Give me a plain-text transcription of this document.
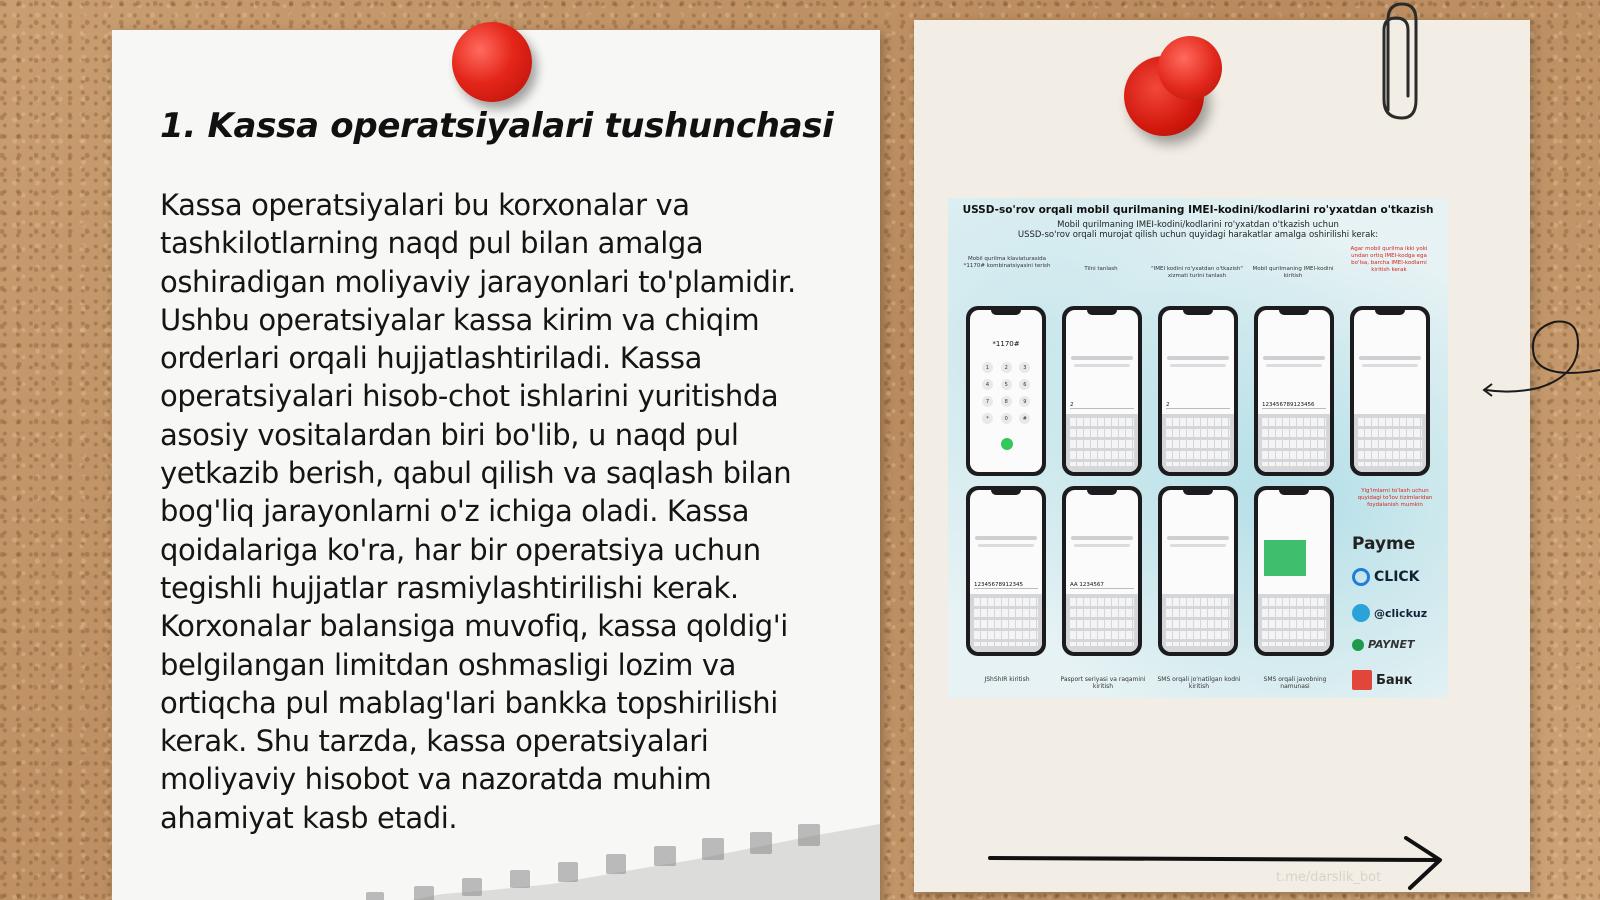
1. Kassa operatsiyalari tushunchasi

Kassa operatsiyalari bu korxonalar va tashkilotlarning naqd pul bilan amalga oshiradigan moliyaviy jarayonlari to'plamidir. Ushbu operatsiyalar kassa kirim va chiqim orderlari orqali hujjatlashtiriladi. Kassa operatsiyalari hisob-chot ishlarini yuritishda asosiy vositalardan biri bo'lib, u naqd pul yetkazib berish, qabul qilish va saqlash bilan bog'liq jarayonlarni o'z ichiga oladi. Kassa qoidalariga ko'ra, har bir operatsiya uchun tegishli hujjatlar rasmiylashtirilishi kerak. Korxonalar balansiga muvofiq, kassa qoldig'i belgilangan limitdan oshmasligi lozim va ortiqcha pul mablag'lari bankka topshirilishi kerak. Shu tarzda, kassa operatsiyalari moliyaviy hisobot va nazoratda muhim ahamiyat kasb etadi.

USSD-so'rov orqali mobil qurilmaning IMEI-kodini/kodlarini ro'yxatdan o'tkazish
Mobil qurilmaning IMEI-kodini/kodlarini ro'yxatdan o'tkazish uchun
USSD-so'rov orqali murojat qilish uchun quyidagi harakatlar amalga oshirilishi kerak:
Mobil qurilma klaviaturasida *1170# kombinatsiyasini terish	Tilni tanlash	"IMEI kodini ro'yxatdan o'tkazish" xizmati turini tanlash
Mobil qurilmaning IMEI-kodini kiritish
Agar mobil qurilma ikki yoki undan ortiq IMEI-kodga ega bo'lsa, barcha IMEI-kodlarni kiritish kerak
*1170#
1	2	3
4	5	6
7	8	9
*	0	#
2	2	123456789123456
12345678912345	AA 1234567
JShShIR kiritish	Pasport seriyasi va raqamini kiritish
SMS orqali jo'natilgan kodni kiritish
SMS orqali javobning namunasi
Yig'imlarni to'lash uchun quyidagi to'lov tizimlaridan foydalanish mumkin
Payme
CLICK
@clickuz
PAYNET
Банк
t.me/darslik_bot
